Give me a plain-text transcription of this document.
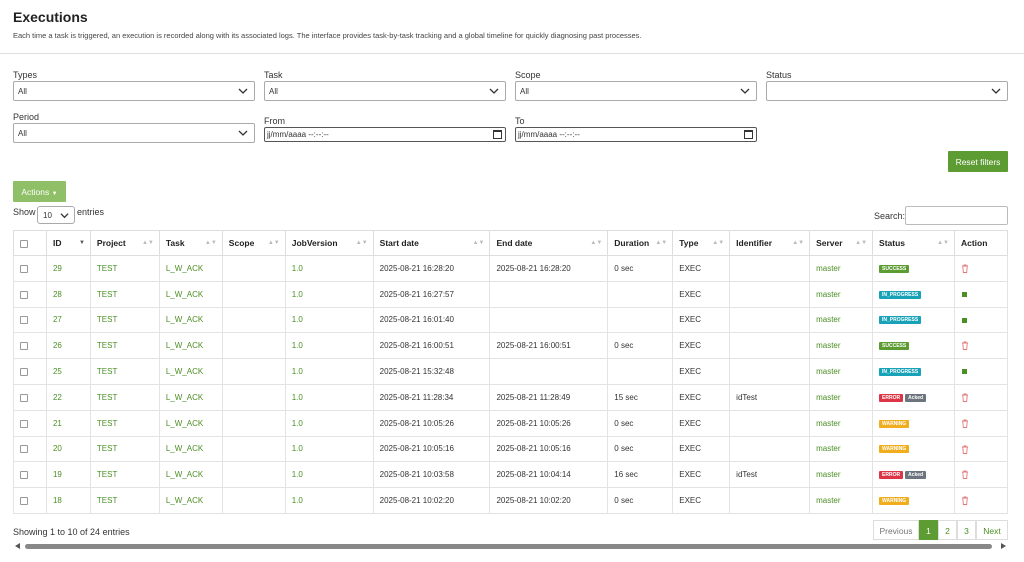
Executions
Each time a task is triggered, an execution is recorded along with its associated logs. The interface provides task-by-task tracking and a global timeline for quickly diagnosing past processes.
Types
All
Task
All
Scope
All
Status
Period
All
From
jj/mm/aaaa --:--:--
To
jj/mm/aaaa --:--:--
Reset filters
Actions ▼
Show	entries
10	Search:
	ID ▼	Project ▲▼	Task ▲▼	Scope ▲▼	JobVersion ▲▼	Start date ▲▼	End date ▲▼	Duration ▲▼	Type ▲▼	Identifier ▲▼	Server ▲▼	Status ▲▼	Action
	29	TEST	L_W_ACK		1.0	2025-08-21 16:28:20	2025-08-21 16:28:20	0 sec	EXEC		master	SUCCESS	
	28	TEST	L_W_ACK		1.0	2025-08-21 16:27:57			EXEC		master	IN_PROGRESS	
	27	TEST	L_W_ACK		1.0	2025-08-21 16:01:40			EXEC		master	IN_PROGRESS	
	26	TEST	L_W_ACK		1.0	2025-08-21 16:00:51	2025-08-21 16:00:51	0 sec	EXEC		master	SUCCESS	
	25	TEST	L_W_ACK		1.0	2025-08-21 15:32:48			EXEC		master	IN_PROGRESS	
	22	TEST	L_W_ACK		1.0	2025-08-21 11:28:34	2025-08-21 11:28:49	15 sec	EXEC	idTest	master	ERROR Acked	
	21	TEST	L_W_ACK		1.0	2025-08-21 10:05:26	2025-08-21 10:05:26	0 sec	EXEC		master	WARNING	
	20	TEST	L_W_ACK		1.0	2025-08-21 10:05:16	2025-08-21 10:05:16	0 sec	EXEC		master	WARNING	
	19	TEST	L_W_ACK		1.0	2025-08-21 10:03:58	2025-08-21 10:04:14	16 sec	EXEC	idTest	master	ERROR Acked	
	18	TEST	L_W_ACK		1.0	2025-08-21 10:02:20	2025-08-21 10:02:20	0 sec	EXEC		master	WARNING	
Showing 1 to 10 of 24 entries	Previous	1	2	3	Next
